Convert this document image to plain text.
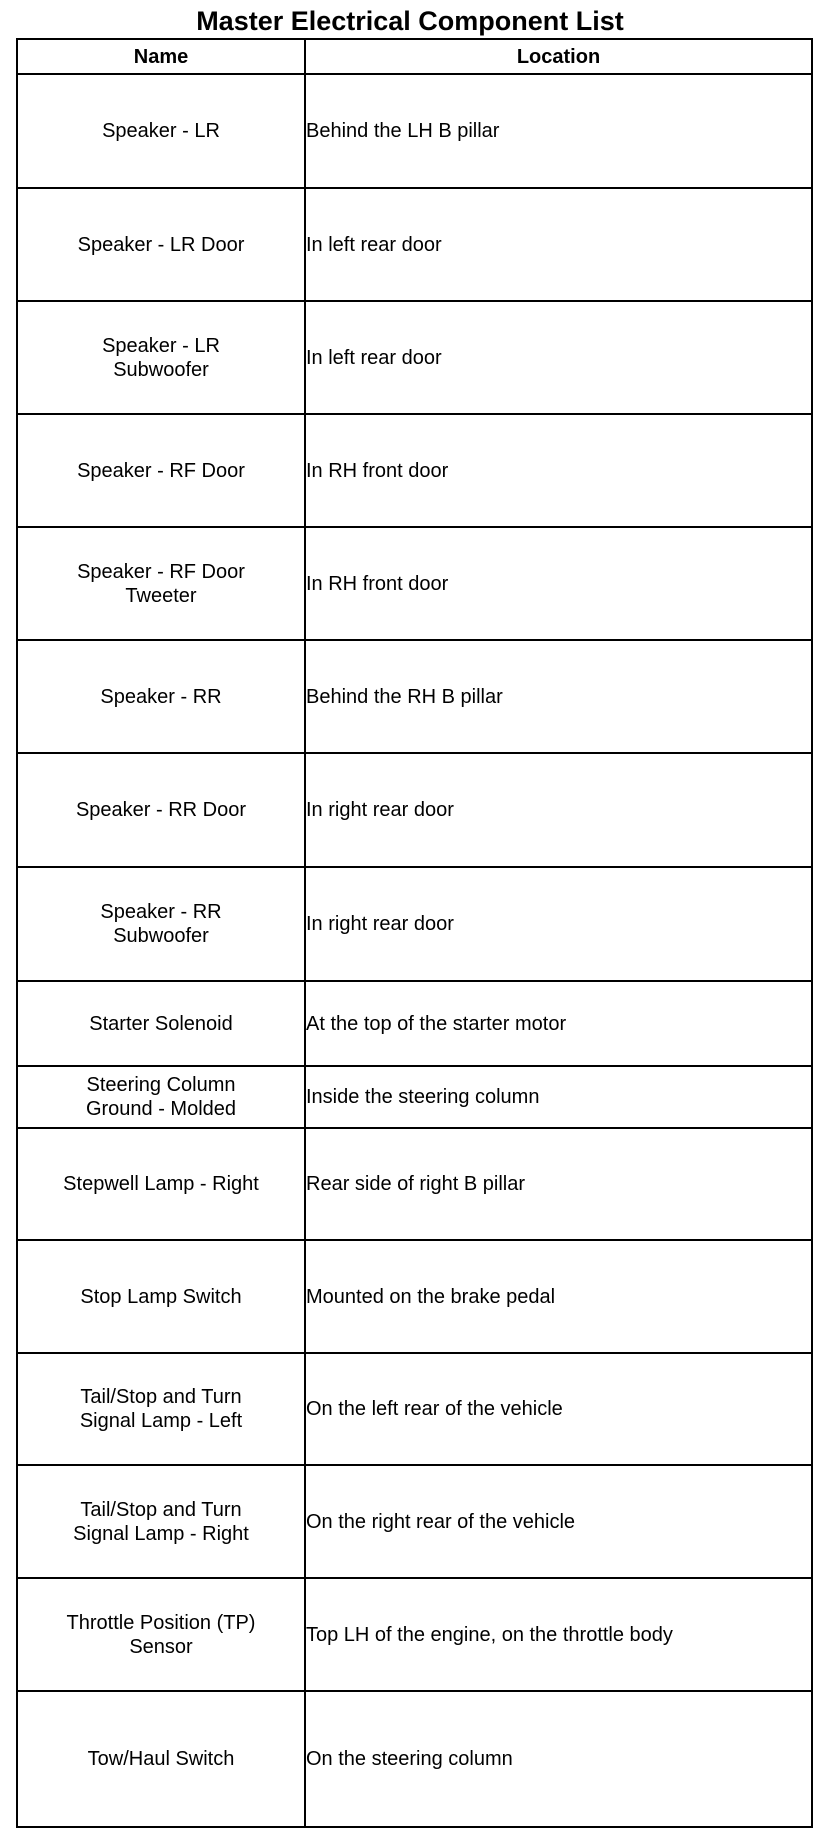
Master Electrical Component List
Name	Location
Speaker - LR	Behind the LH B pillar
Speaker - LR Door	In left rear door
Speaker - LR
Subwoofer	In left rear door
Speaker - RF Door	In RH front door
Speaker - RF Door
Tweeter	In RH front door
Speaker - RR	Behind the RH B pillar
Speaker - RR Door	In right rear door
Speaker - RR
Subwoofer	In right rear door
Starter Solenoid	At the top of the starter motor
Steering Column
Ground - Molded	Inside the steering column
Stepwell Lamp - Right	Rear side of right B pillar
Stop Lamp Switch	Mounted on the brake pedal
Tail/Stop and Turn
Signal Lamp - Left	On the left rear of the vehicle
Tail/Stop and Turn
Signal Lamp - Right	On the right rear of the vehicle
Throttle Position (TP)
Sensor	Top LH of the engine, on the throttle body
Tow/Haul Switch	On the steering column
